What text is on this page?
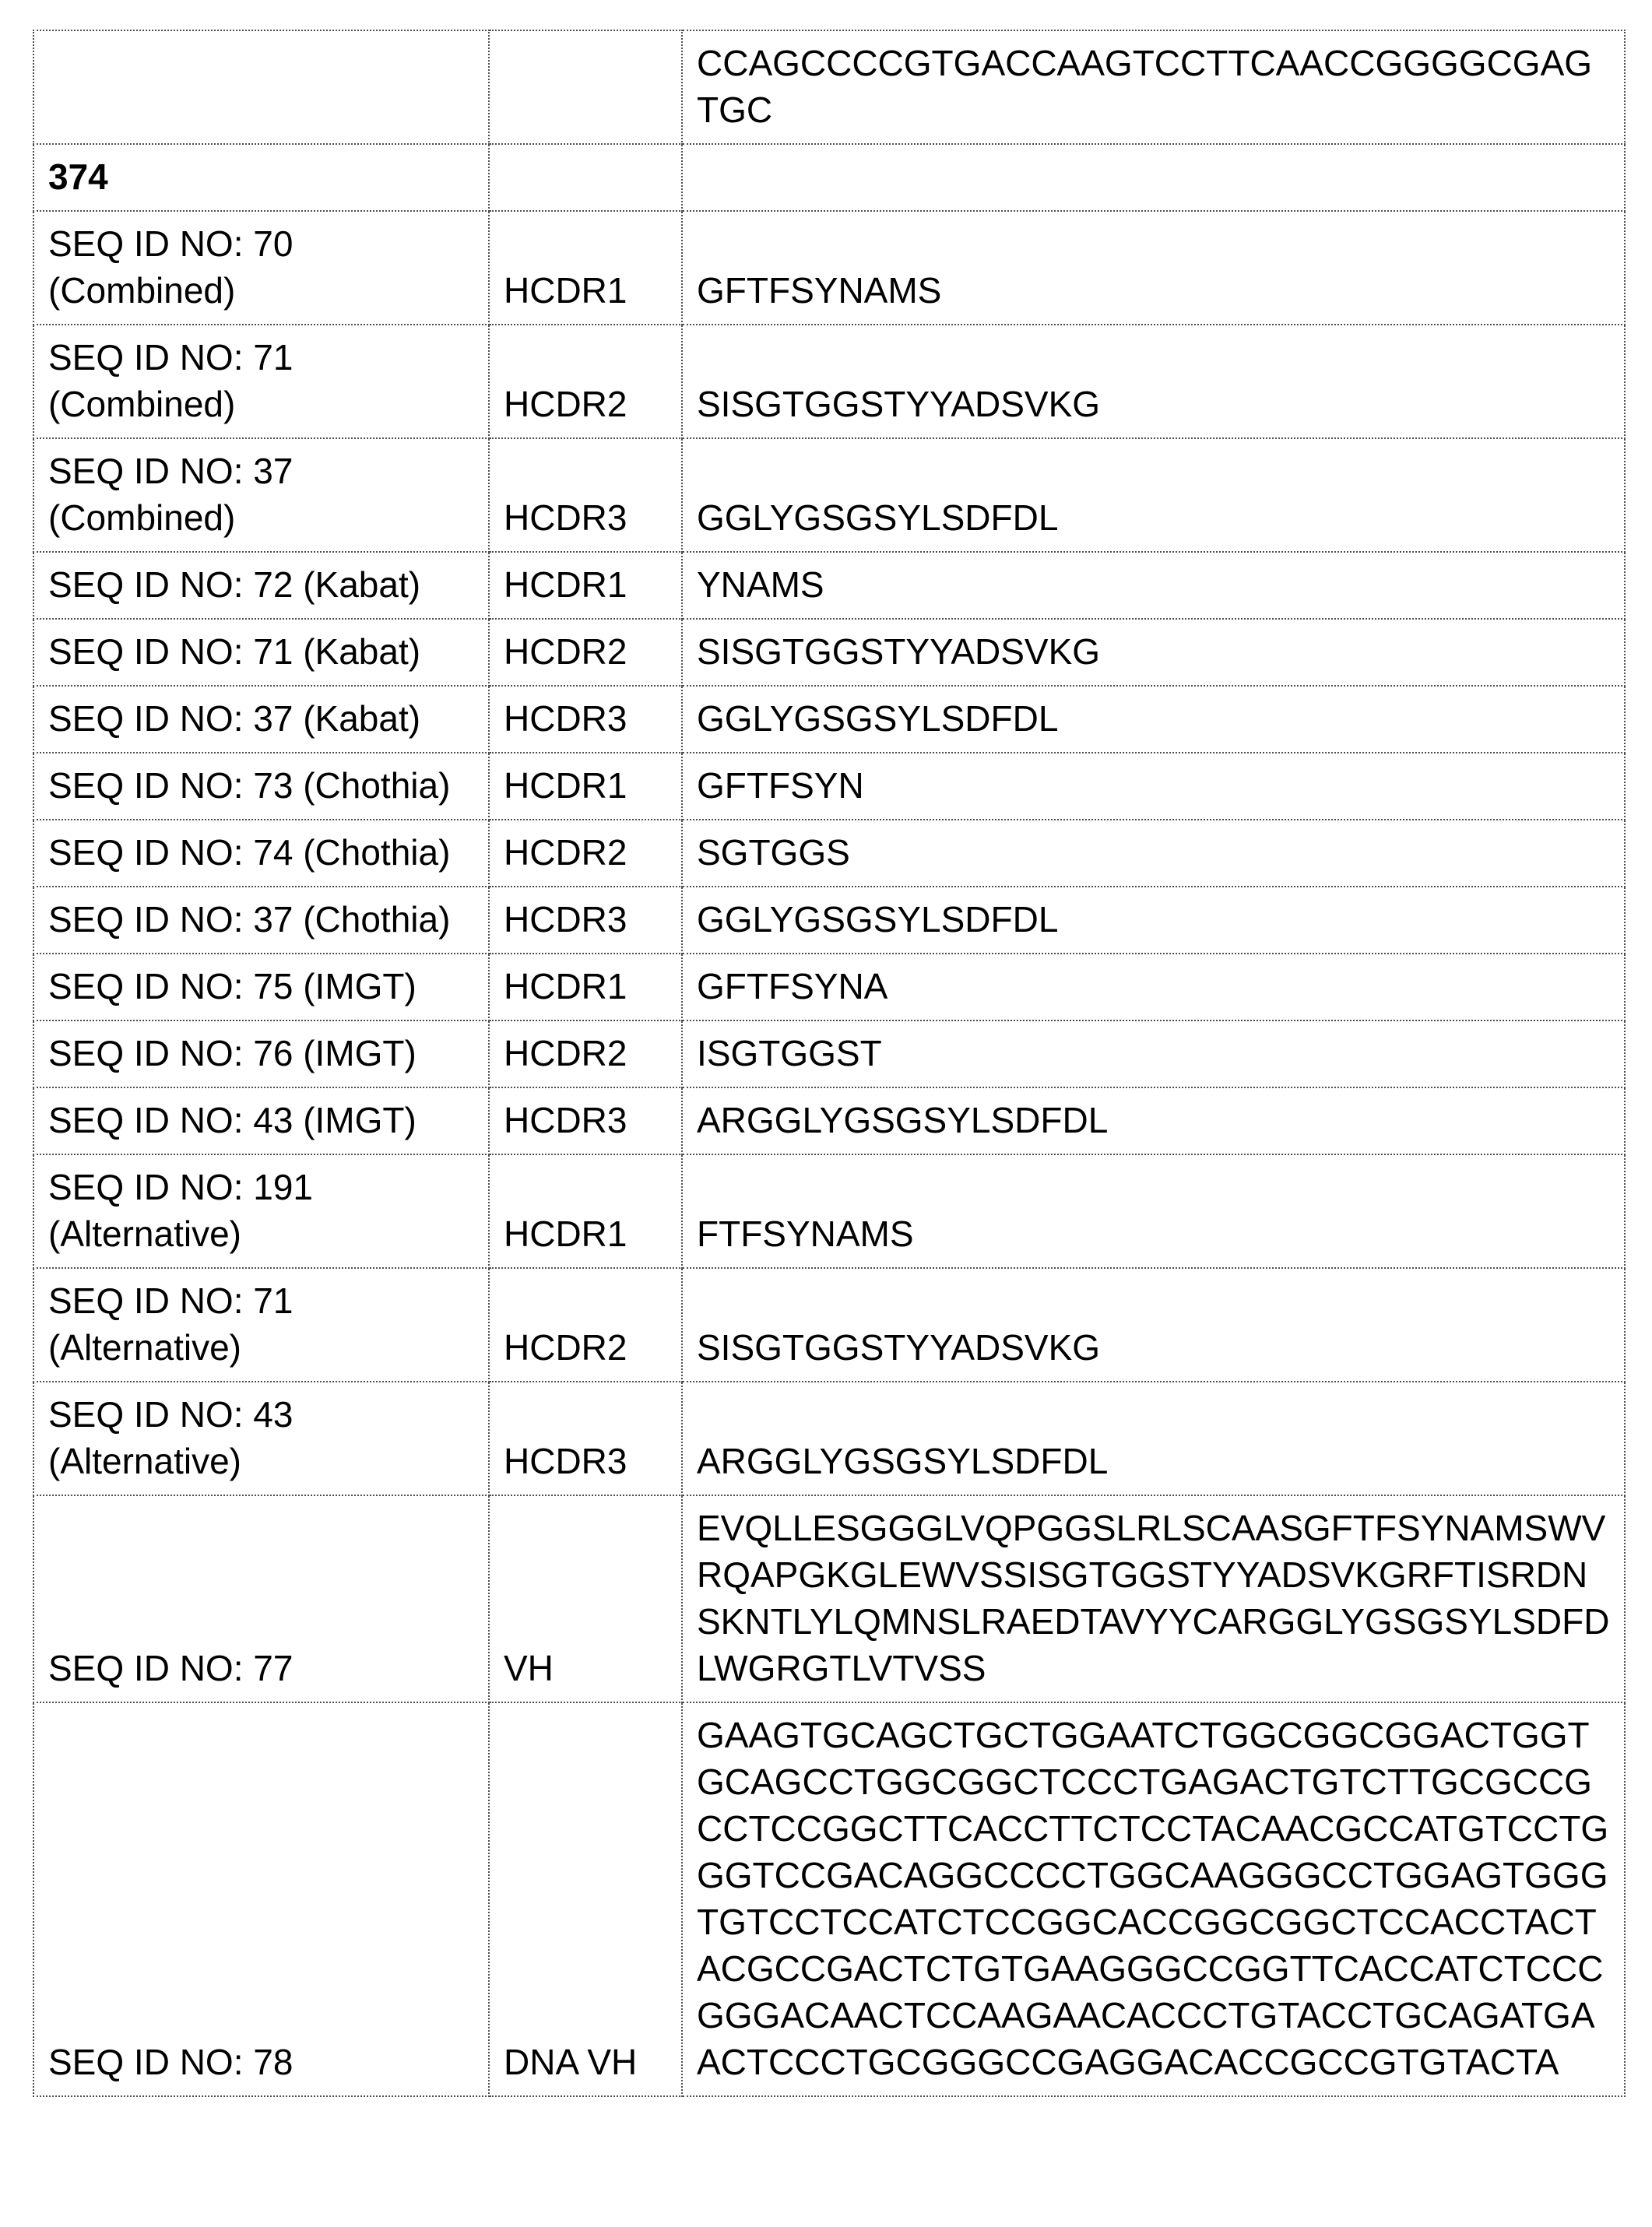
		CCAGCCCCGTGACCAAGTCCTTCAACCGGGGCGAGTGC

374		

SEQ ID NO: 70 (Combined)	HCDR1	GFTFSYNAMS

SEQ ID NO: 71 (Combined)	HCDR2	SISGTGGSTYYADSVKG

SEQ ID NO: 37 (Combined)	HCDR3	GGLYGSGSYLSDFDL

SEQ ID NO: 72 (Kabat)	HCDR1	YNAMS

SEQ ID NO: 71 (Kabat)	HCDR2	SISGTGGSTYYADSVKG

SEQ ID NO: 37 (Kabat)	HCDR3	GGLYGSGSYLSDFDL

SEQ ID NO: 73 (Chothia)	HCDR1	GFTFSYN

SEQ ID NO: 74 (Chothia)	HCDR2	SGTGGS

SEQ ID NO: 37 (Chothia)	HCDR3	GGLYGSGSYLSDFDL

SEQ ID NO: 75 (IMGT)	HCDR1	GFTFSYNA

SEQ ID NO: 76 (IMGT)	HCDR2	ISGTGGST

SEQ ID NO: 43 (IMGT)	HCDR3	ARGGLYGSGSYLSDFDL

SEQ ID NO: 191 (Alternative)	HCDR1	FTFSYNAMS

SEQ ID NO: 71 (Alternative)	HCDR2	SISGTGGSTYYADSVKG

SEQ ID NO: 43 (Alternative)	HCDR3	ARGGLYGSGSYLSDFDL

SEQ ID NO: 77	VH	EVQLLESGGGLVQPGGSLRLSCAASGFTFSYNAMSWVRQAPGKGLEWVSSISGTGGSTYYADSVKGRFTISRDNSKNTLYLQMNSLRAEDTAVYYCARGGLYGSGSYLSDFDLWGRGTLVTVSS

SEQ ID NO: 78	DNA VH	GAAGTGCAGCTGCTGGAATCTGGCGGCGGACTGGTGCAGCCTGGCGGCTCCCTGAGACTGTCTTGCGCCGCCTCCGGCTTCACCTTCTCCTACAACGCCATGTCCTGGGTCCGACAGGCCCCTGGCAAGGGCCTGGAGTGGGTGTCCTCCATCTCCGGCACCGGCGGCTCCACCTACTACGCCGACTCTGTGAAGGGCCGGTTCACCATCTCCCGGGACAACTCCAAGAACACCCTGTACCTGCAGATGAACTCCCTGCGGGCCGAGGACACCGCCGTGTACTA
